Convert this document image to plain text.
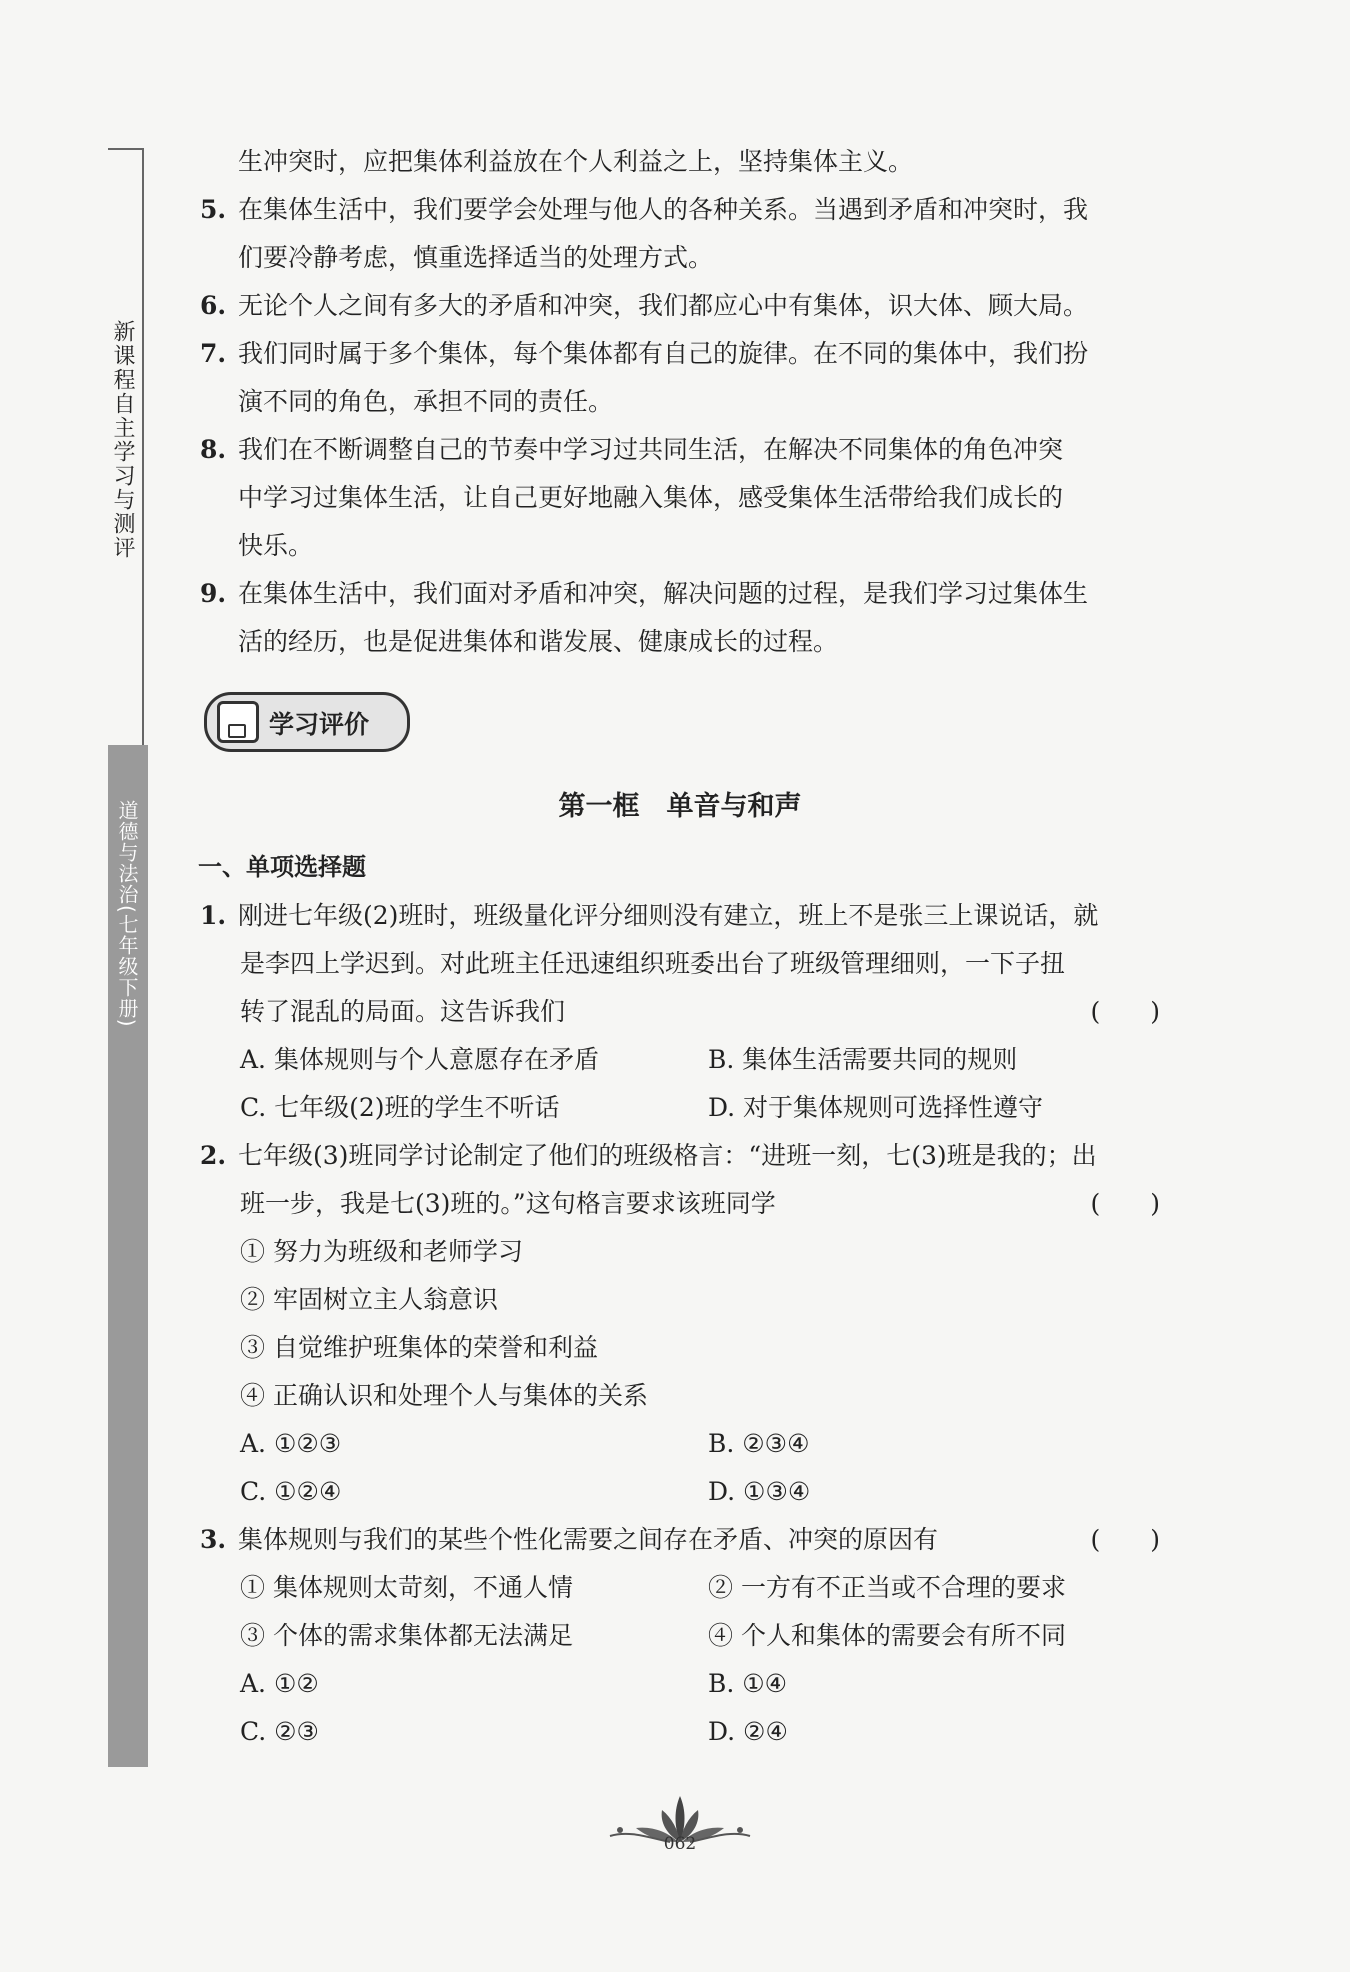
新课程自主学习与测评
道德与法治(七年级下册)
生冲突时，应把集体利益放在个人利益之上，坚持集体主义。
5. 在集体生活中，我们要学会处理与他人的各种关系。当遇到矛盾和冲突时，我
们要冷静考虑，慎重选择适当的处理方式。
6. 无论个人之间有多大的矛盾和冲突，我们都应心中有集体，识大体、顾大局。
7. 我们同时属于多个集体，每个集体都有自己的旋律。在不同的集体中，我们扮
演不同的角色，承担不同的责任。
8. 我们在不断调整自己的节奏中学习过共同生活，在解决不同集体的角色冲突
中学习过集体生活，让自己更好地融入集体，感受集体生活带给我们成长的
快乐。
9. 在集体生活中，我们面对矛盾和冲突，解决问题的过程，是我们学习过集体生
活的经历，也是促进集体和谐发展、健康成长的过程。
学习评价
第一框　单音与和声
一、单项选择题
1. 刚进七年级(2)班时，班级量化评分细则没有建立，班上不是张三上课说话，就
是李四上学迟到。对此班主任迅速组织班委出台了班级管理细则，一下子扭
转了混乱的局面。这告诉我们	(　　)
A. 集体规则与个人意愿存在矛盾	B. 集体生活需要共同的规则
C. 七年级(2)班的学生不听话	D. 对于集体规则可选择性遵守
2. 七年级(3)班同学讨论制定了他们的班级格言：“进班一刻，七(3)班是我的；出
班一步，我是七(3)班的。”这句格言要求该班同学	(　　)
① 努力为班级和老师学习
② 牢固树立主人翁意识
③ 自觉维护班集体的荣誉和利益
④ 正确认识和处理个人与集体的关系
A. ①②③	B. ②③④
C. ①②④	D. ①③④
3. 集体规则与我们的某些个性化需要之间存在矛盾、冲突的原因有	(　　)
① 集体规则太苛刻，不通人情	② 一方有不正当或不合理的要求
③ 个体的需求集体都无法满足	④ 个人和集体的需要会有所不同
A. ①②	B. ①④
C. ②③	D. ②④
062
